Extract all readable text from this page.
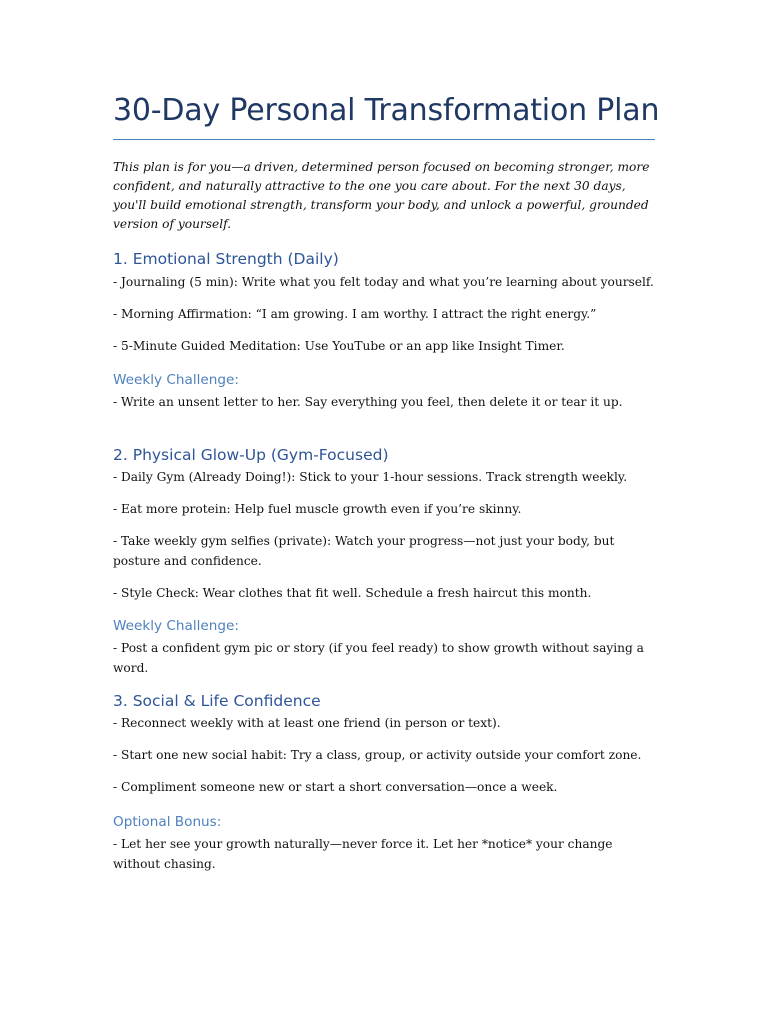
30-Day Personal Transformation Plan

This plan is for you—a driven, determined person focused on becoming stronger, more confident, and naturally attractive to the one you care about. For the next 30 days, you'll build emotional strength, transform your body, and unlock a powerful, grounded version of yourself.

1. Emotional Strength (Daily)

- Journaling (5 min): Write what you felt today and what you’re learning about yourself.

- Morning Affirmation: “I am growing. I am worthy. I attract the right energy.”

- 5-Minute Guided Meditation: Use YouTube or an app like Insight Timer.

Weekly Challenge:

- Write an unsent letter to her. Say everything you feel, then delete it or tear it up.

2. Physical Glow-Up (Gym-Focused)

- Daily Gym (Already Doing!): Stick to your 1-hour sessions. Track strength weekly.

- Eat more protein: Help fuel muscle growth even if you’re skinny.

- Take weekly gym selfies (private): Watch your progress—not just your body, but posture and confidence.

- Style Check: Wear clothes that fit well. Schedule a fresh haircut this month.

Weekly Challenge:

- Post a confident gym pic or story (if you feel ready) to show growth without saying a word.

3. Social & Life Confidence

- Reconnect weekly with at least one friend (in person or text).

- Start one new social habit: Try a class, group, or activity outside your comfort zone.

- Compliment someone new or start a short conversation—once a week.

Optional Bonus:

- Let her see your growth naturally—never force it. Let her *notice* your change without chasing.
